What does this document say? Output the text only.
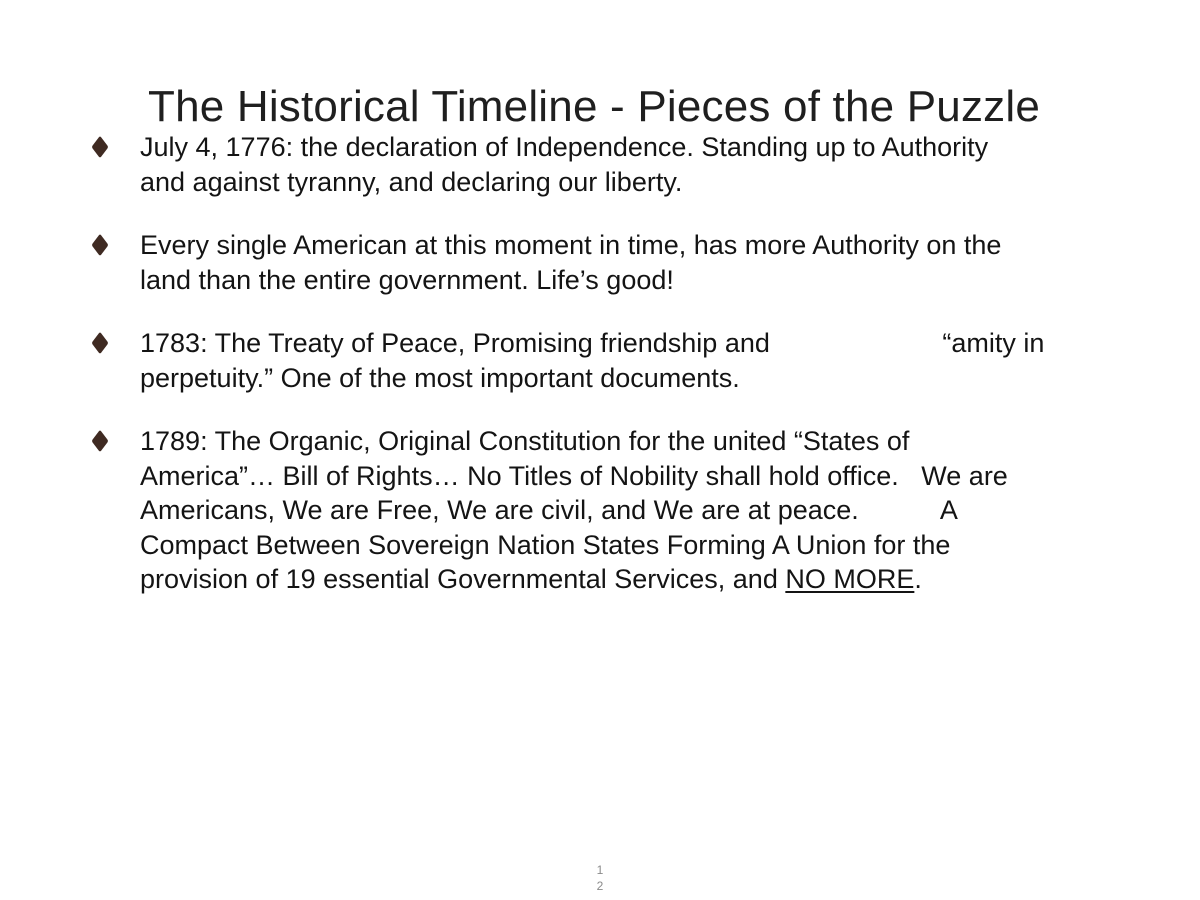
The Historical Timeline - Pieces of the Puzzle
July 4, 1776: the declaration of Independence. Standing up to Authority
and against tyranny, and declaring our liberty.
Every single American at this moment in time, has more Authority on the
land than the entire government. Life’s good!
1783: The Treaty of Peace, Promising friendship and                       “amity in
perpetuity.” One of the most important documents.
1789: The Organic, Original Constitution for the united “States of
America”… Bill of Rights… No Titles of Nobility shall hold office.   We are
Americans, We are Free, We are civil, and We are at peace.           A
Compact Between Sovereign Nation States Forming A Union for the
provision of 19 essential Governmental Services, and NO MORE.
1
2
